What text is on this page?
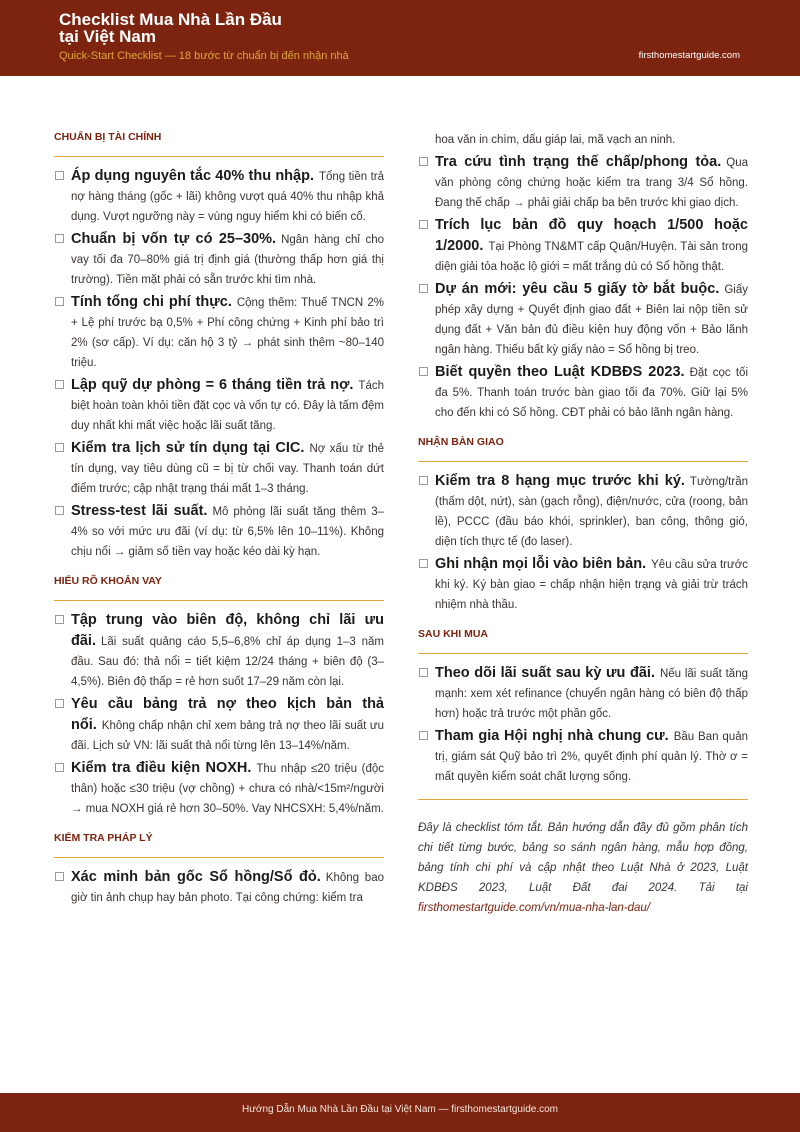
Checklist Mua Nhà Lần Đầu
tại Việt Nam
Quick-Start Checklist — 18 bước từ chuẩn bị đến nhận nhà	firsthomestartguide.com
CHUẨN BỊ TÀI CHÍNH
Áp dụng nguyên tắc 40% thu nhập. Tổng tiền trả nợ hàng tháng (gốc + lãi) không vượt quá 40% thu nhập khả dụng. Vượt ngưỡng này = vùng nguy hiểm khi có biến cố.
Chuẩn bị vốn tự có 25–30%. Ngân hàng chỉ cho vay tối đa 70–80% giá trị định giá (thường thấp hơn giá thị trường). Tiền mặt phải có sẵn trước khi tìm nhà.
Tính tổng chi phí thực. Cộng thêm: Thuế TNCN 2% + Lệ phí trước bạ 0,5% + Phí công chứng + Kinh phí bảo trì 2% (sơ cấp). Ví dụ: căn hộ 3 tỷ → phát sinh thêm ~80–140 triệu.
Lập quỹ dự phòng = 6 tháng tiền trả nợ. Tách biệt hoàn toàn khỏi tiền đặt cọc và vốn tự có. Đây là tấm đệm duy nhất khi mất việc hoặc lãi suất tăng.
Kiểm tra lịch sử tín dụng tại CIC. Nợ xấu từ thẻ tín dụng, vay tiêu dùng cũ = bị từ chối vay. Thanh toán dứt điểm trước; cập nhật trạng thái mất 1–3 tháng.
Stress-test lãi suất. Mô phỏng lãi suất tăng thêm 3–4% so với mức ưu đãi (ví dụ: từ 6,5% lên 10–11%). Không chịu nổi → giảm số tiền vay hoặc kéo dài kỳ hạn.
HIỂU RÕ KHOẢN VAY
Tập trung vào biên độ, không chỉ lãi ưu đãi. Lãi suất quảng cáo 5,5–6,8% chỉ áp dụng 1–3 năm đầu. Sau đó: thả nổi = tiết kiệm 12/24 tháng + biên độ (3–4,5%). Biên độ thấp = rẻ hơn suốt 17–29 năm còn lại.
Yêu cầu bảng trả nợ theo kịch bản thả nổi. Không chấp nhận chỉ xem bảng trả nợ theo lãi suất ưu đãi. Lịch sử VN: lãi suất thả nổi từng lên 13–14%/năm.
Kiểm tra điều kiện NOXH. Thu nhập ≤20 triệu (độc thân) hoặc ≤30 triệu (vợ chồng) + chưa có nhà/<15m²/người → mua NOXH giá rẻ hơn 30–50%. Vay NHCSXH: 5,4%/năm.
KIỂM TRA PHÁP LÝ
Xác minh bản gốc Sổ hồng/Sổ đỏ. Không bao giờ tin ảnh chụp hay bản photo. Tại công chứng: kiểm tra
hoa văn in chìm, dấu giáp lai, mã vạch an ninh.
Tra cứu tình trạng thế chấp/phong tỏa. Qua văn phòng công chứng hoặc kiểm tra trang 3/4 Sổ hồng. Đang thế chấp → phải giải chấp ba bên trước khi giao dịch.
Trích lục bản đồ quy hoạch 1/500 hoặc 1/2000. Tại Phòng TN&MT cấp Quận/Huyện. Tài sản trong diện giải tỏa hoặc lộ giới = mất trắng dù có Sổ hồng thật.
Dự án mới: yêu cầu 5 giấy tờ bắt buộc. Giấy phép xây dựng + Quyết định giao đất + Biên lai nộp tiền sử dụng đất + Văn bản đủ điều kiện huy động vốn + Bảo lãnh ngân hàng. Thiếu bất kỳ giấy nào = Sổ hồng bị treo.
Biết quyền theo Luật KDBĐS 2023. Đặt cọc tối đa 5%. Thanh toán trước bàn giao tối đa 70%. Giữ lại 5% cho đến khi có Sổ hồng. CĐT phải có bảo lãnh ngân hàng.
NHẬN BÀN GIAO
Kiểm tra 8 hạng mục trước khi ký. Tường/trần (thấm dột, nứt), sàn (gạch rỗng), điện/nước, cửa (roong, bản lề), PCCC (đầu báo khói, sprinkler), ban công, thông gió, diện tích thực tế (đo laser).
Ghi nhận mọi lỗi vào biên bản. Yêu cầu sửa trước khi ký. Ký bàn giao = chấp nhận hiện trạng và giải trừ trách nhiệm nhà thầu.
SAU KHI MUA
Theo dõi lãi suất sau kỳ ưu đãi. Nếu lãi suất tăng mạnh: xem xét refinance (chuyển ngân hàng có biên độ thấp hơn) hoặc trả trước một phần gốc.
Tham gia Hội nghị nhà chung cư. Bầu Ban quản trị, giám sát Quỹ bảo trì 2%, quyết định phí quản lý. Thờ ơ = mất quyền kiểm soát chất lượng sống.
Đây là checklist tóm tắt. Bản hướng dẫn đầy đủ gồm phân tích chi tiết từng bước, bảng so sánh ngân hàng, mẫu hợp đồng, bảng tính chi phí và cập nhật theo Luật Nhà ở 2023, Luật KDBĐS 2023, Luật Đất đai 2024. Tải tại firsthomestartguide.com/vn/mua-nha-lan-dau/
Hướng Dẫn Mua Nhà Lần Đầu tại Việt Nam — firsthomestartguide.com
